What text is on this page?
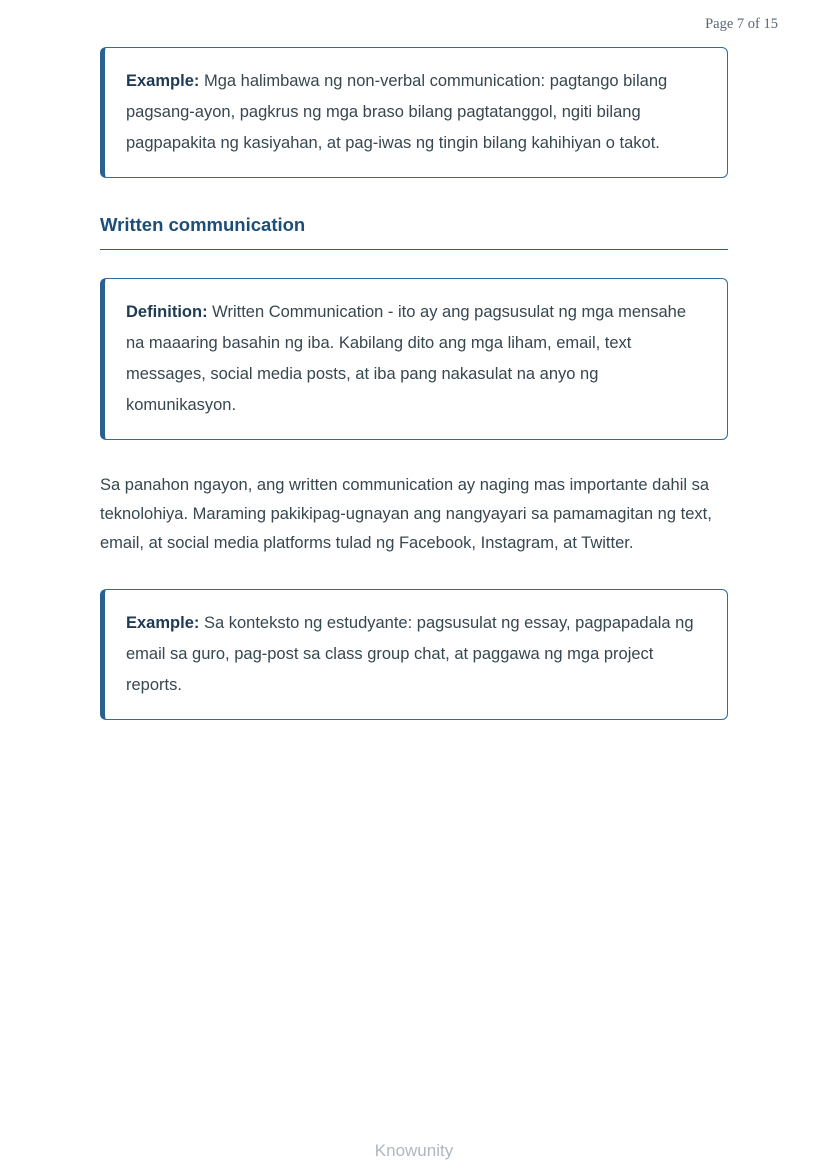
Page 7 of 15

Example: Mga halimbawa ng non-verbal communication: pagtango bilang pagsang-ayon, pagkrus ng mga braso bilang pagtatanggol, ngiti bilang pagpapakita ng kasiyahan, at pag-iwas ng tingin bilang kahihiyan o takot.

Written communication

Definition: Written Communication - ito ay ang pagsusulat ng mga mensahe na maaaring basahin ng iba. Kabilang dito ang mga liham, email, text messages, social media posts, at iba pang nakasulat na anyo ng komunikasyon.

Sa panahon ngayon, ang written communication ay naging mas importante dahil sa teknolohiya. Maraming pakikipag-ugnayan ang nangyayari sa pamamagitan ng text, email, at social media platforms tulad ng Facebook, Instagram, at Twitter.

Example: Sa konteksto ng estudyante: pagsusulat ng essay, pagpapadala ng email sa guro, pag-post sa class group chat, at paggawa ng mga project reports.

Knowunity
